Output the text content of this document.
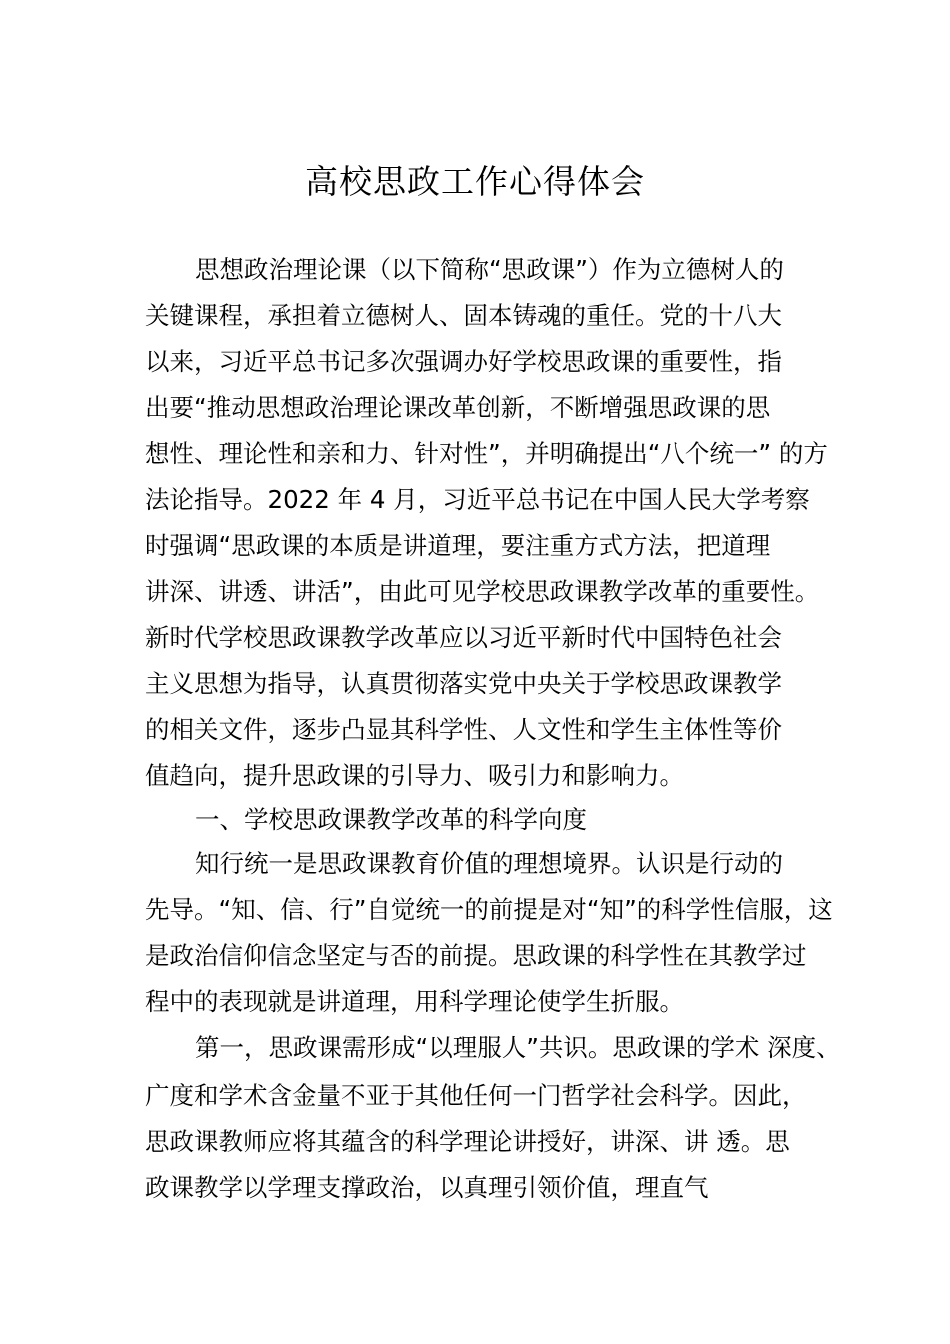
高校思政工作心得体会
思想政治理论课（以下简称“思政课”）作为立德树人的
关键课程，承担着立德树人、固本铸魂的重任。党的十八大
以来，习近平总书记多次强调办好学校思政课的重要性，指
出要“推动思想政治理论课改革创新，不断增强思政课的思
想性、理论性和亲和力、针对性”，并明确提出“八个统一” 的方
法论指导。2022 年 4 月，习近平总书记在中国人民大学考察
时强调“思政课的本质是讲道理，要注重方式方法，把道理
讲深、讲透、讲活”，由此可见学校思政课教学改革的重要性。
新时代学校思政课教学改革应以习近平新时代中国特色社会
主义思想为指导，认真贯彻落实党中央关于学校思政课教学
的相关文件，逐步凸显其科学性、人文性和学生主体性等价
值趋向，提升思政课的引导力、吸引力和影响力。
一、学校思政课教学改革的科学向度
知行统一是思政课教育价值的理想境界。认识是行动的
先导。“知、信、行”自觉统一的前提是对“知”的科学性信服，这
是政治信仰信念坚定与否的前提。思政课的科学性在其教学过
程中的表现就是讲道理，用科学理论使学生折服。
第一，思政课需形成“以理服人”共识。思政课的学术 深度、
广度和学术含金量不亚于其他任何一门哲学社会科学。因此，
思政课教师应将其蕴含的科学理论讲授好，讲深、讲 透。思
政课教学以学理支撑政治，以真理引领价值，理直气
